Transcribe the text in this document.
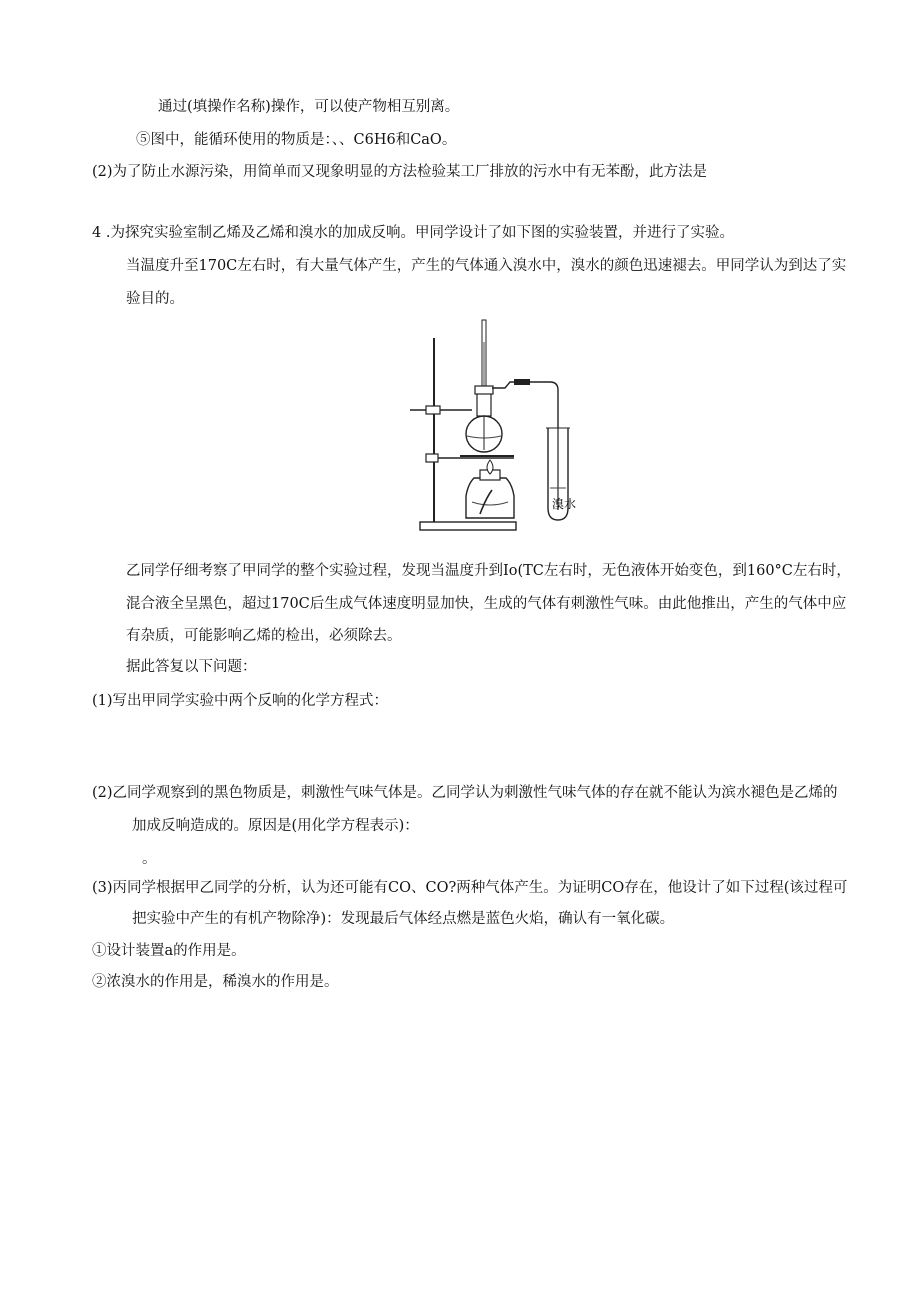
通过(填操作名称)操作，可以使产物相互别离。
⑤图中，能循环使用的物质是：、、C6H6和CaO。
(2)为了防止水源污染，用简单而又现象明显的方法检验某工厂排放的污水中有无苯酚，此方法是
4 .为探究实验室制乙烯及乙烯和溴水的加成反响。甲同学设计了如下图的实验装置，并进行了实验。
当温度升至170C左右时，有大量气体产生，产生的气体通入溴水中，溴水的颜色迅速褪去。甲同学认为到达了实
验目的。
溴水
乙同学仔细考察了甲同学的整个实验过程，发现当温度升到Io(TC左右时，无色液体开始变色，到160°C左右时，
混合液全呈黑色，超过170C后生成气体速度明显加快，生成的气体有刺激性气味。由此他推出，产生的气体中应
有杂质，可能影响乙烯的检出，必须除去。
据此答复以下问题：
(1)写出甲同学实验中两个反响的化学方程式：
(2)乙同学观察到的黑色物质是，刺激性气味气体是。乙同学认为刺激性气味气体的存在就不能认为滨水褪色是乙烯的
加成反响造成的。原因是(用化学方程表示)：
。
(3)丙同学根据甲乙同学的分析，认为还可能有CO、CO?两种气体产生。为证明CO存在，他设计了如下过程(该过程可
把实验中产生的有机产物除净)：发现最后气体经点燃是蓝色火焰，确认有一氧化碳。
①设计装置a的作用是。
②浓溴水的作用是，稀溴水的作用是。
